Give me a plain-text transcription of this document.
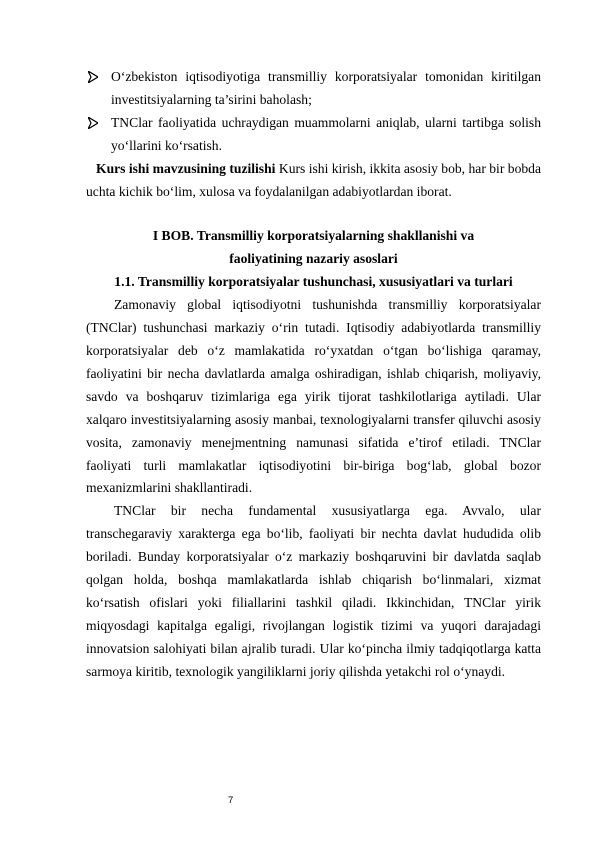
O‘zbekiston iqtisodiyotiga transmilliy korporatsiyalar tomonidan kiritilgan investitsiyalarning ta’sirini baholash;
TNClar faoliyatida uchraydigan muammolarni aniqlab, ularni tartibga solish yo‘llarini ko‘rsatish.

Kurs ishi mavzusining tuzilishi Kurs ishi kirish, ikkita asosiy bob, har bir bobda uchta kichik bo‘lim, xulosa va foydalanilgan adabiyotlardan iborat.

I BOB. Transmilliy korporatsiyalarning shakllanishi va faoliyatining nazariy asoslari
1.1. Transmilliy korporatsiyalar tushunchasi, xususiyatlari va turlari

Zamonaviy global iqtisodiyotni tushunishda transmilliy korporatsiyalar (TNClar) tushunchasi markaziy o‘rin tutadi. Iqtisodiy adabiyotlarda transmilliy korporatsiyalar deb o‘z mamlakatida ro‘yxatdan o‘tgan bo‘lishiga qaramay, faoliyatini bir necha davlatlarda amalga oshiradigan, ishlab chiqarish, moliyaviy, savdo va boshqaruv tizimlariga ega yirik tijorat tashkilotlariga aytiladi. Ular xalqaro investitsiyalarning asosiy manbai, texnologiyalarni transfer qiluvchi asosiy vosita, zamonaviy menejmentning namunasi sifatida e’tirof etiladi. TNClar faoliyati turli mamlakatlar iqtisodiyotini bir-biriga bog‘lab, global bozor mexanizmlarini shakllantiradi.

TNClar bir necha fundamental xususiyatlarga ega. Avvalo, ular transchegaraviy xarakterga ega bo‘lib, faoliyati bir nechta davlat hududida olib boriladi. Bunday korporatsiyalar o‘z markaziy boshqaruvini bir davlatda saqlab qolgan holda, boshqa mamlakatlarda ishlab chiqarish bo‘linmalari, xizmat ko‘rsatish ofislari yoki filiallarini tashkil qiladi. Ikkinchidan, TNClar yirik miqyosdagi kapitalga egaligi, rivojlangan logistik tizimi va yuqori darajadagi innovatsion salohiyati bilan ajralib turadi. Ular ko‘pincha ilmiy tadqiqotlarga katta sarmoya kiritib, texnologik yangiliklarni joriy qilishda yetakchi rol o‘ynaydi.

7
